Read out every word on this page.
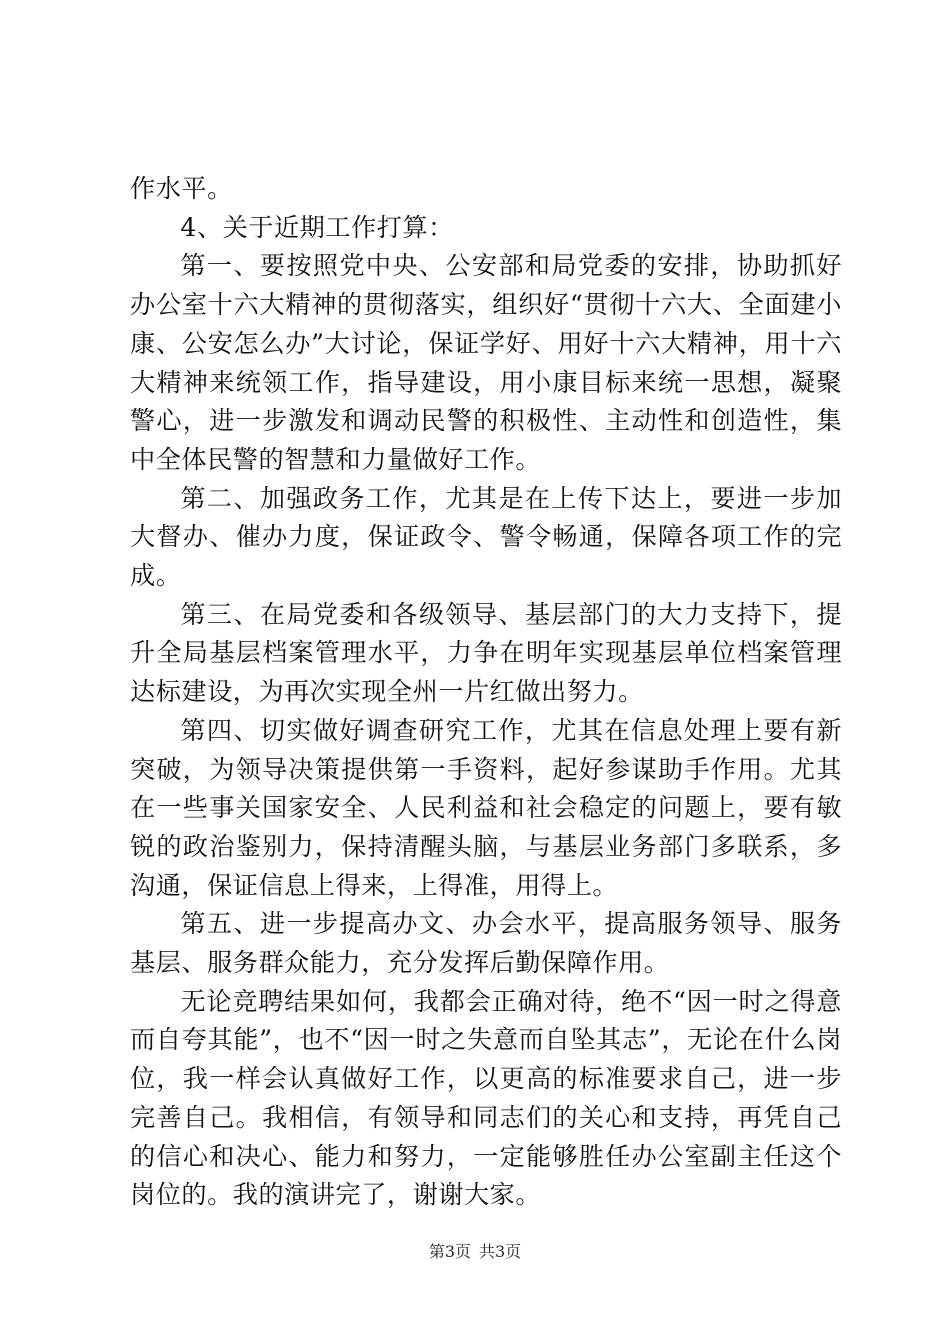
作水平。

4、关于近期工作打算：

第一、要按照党中央、公安部和局党委的安排，协助抓好办公室十六大精神的贯彻落实，组织好“贯彻十六大、全面建小康、公安怎么办”大讨论，保证学好、用好十六大精神，用十六大精神来统领工作，指导建设，用小康目标来统一思想，凝聚警心，进一步激发和调动民警的积极性、主动性和创造性，集中全体民警的智慧和力量做好工作。

第二、加强政务工作，尤其是在上传下达上，要进一步加大督办、催办力度，保证政令、警令畅通，保障各项工作的完成。

第三、在局党委和各级领导、基层部门的大力支持下，提升全局基层档案管理水平，力争在明年实现基层单位档案管理达标建设，为再次实现全州一片红做出努力。

第四、切实做好调查研究工作，尤其在信息处理上要有新突破，为领导决策提供第一手资料，起好参谋助手作用。尤其在一些事关国家安全、人民利益和社会稳定的问题上，要有敏锐的政治鉴别力，保持清醒头脑，与基层业务部门多联系，多沟通，保证信息上得来，上得准，用得上。

第五、进一步提高办文、办会水平，提高服务领导、服务基层、服务群众能力，充分发挥后勤保障作用。

无论竞聘结果如何，我都会正确对待，绝不“因一时之得意而自夸其能”，也不“因一时之失意而自坠其志”，无论在什么岗位，我一样会认真做好工作，以更高的标准要求自己，进一步完善自己。我相信，有领导和同志们的关心和支持，再凭自己的信心和决心、能力和努力，一定能够胜任办公室副主任这个岗位的。我的演讲完了，谢谢大家。

第3页 共3页
